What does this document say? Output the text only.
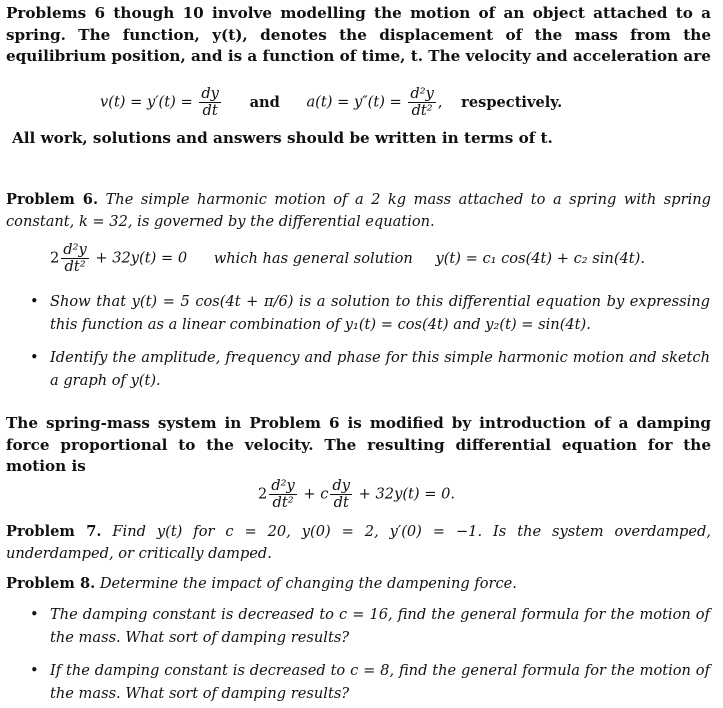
Problems 6 though 10 involve modelling the motion of an object attached to a spring. The function, y(t), denotes the displacement of the mass from the equilibrium position, and is a function of time, t. The velocity and acceleration are
$v(t) = y'(t) = \frac{dy}{dt}$ and $a(t) = y''(t) = \frac{\text{d²y}}{\text{dt²}}$ , respectively.
All work, solutions and answers should be written in terms of t.
Problem 6. The simple harmonic motion of a 2 kg mass attached to a spring with spring constant, k = 32, is governed by the differential equation.
$2 \frac{\text{d²y}}{\text{dt²}} + 32y(t) = 0$ which has general solution y(t) = c₁ cos(4t) + c₂ sin(4t).
• Show that y(t) = 5 cos(4t + π/6) is a solution to this differential equation by expressing this function as a linear combination of y₁(t) = cos(4t) and y₂(t) = sin(4t).
• Identify the amplitude, frequency and phase for this simple harmonic motion and sketch a graph of y(t).
The spring-mass system in Problem 6 is modified by introduction of a damping force proportional to the velocity. The resulting differential equation for the motion is
$2 \frac{\text{d²y}}{\text{dt²}} + c \frac{dy}{dt} + 32y(t) = 0$.
Problem 7. Find y(t) for c = 20, y(0) = 2, y′(0) = −1. Is the system overdamped, underdamped, or critically damped.
Problem 8. Determine the impact of changing the dampening force.
• The damping constant is decreased to c = 16, find the general formula for the motion of the mass. What sort of damping results?
• If the damping constant is decreased to c = 8, find the general formula for the motion of the mass. What sort of damping results?
